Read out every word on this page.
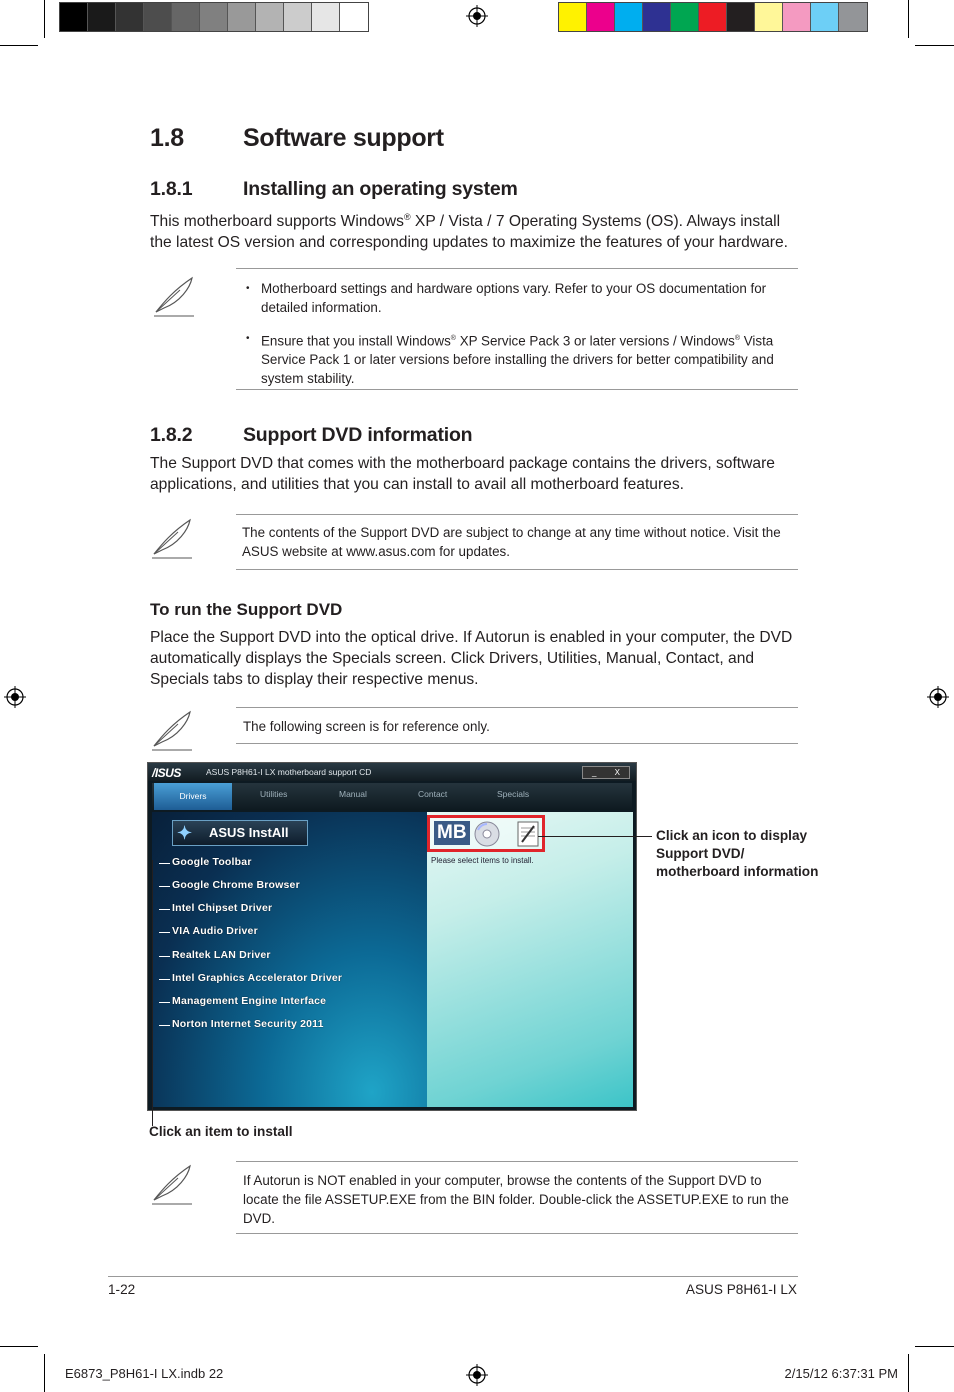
1.8 Software support
1.8.1	Installing an operating system

This motherboard supports Windows® XP / Vista / 7 Operating Systems (OS). Always install the latest OS version and corresponding updates to maximize the features of your hardware.

• Motherboard settings and hardware options vary. Refer to your OS documentation for detailed information.
• Ensure that you install Windows® XP Service Pack 3 or later versions / Windows® Vista Service Pack 1 or later versions before installing the drivers for better compatibility and system stability.
1.8.2	Support DVD information

The Support DVD that comes with the motherboard package contains the drivers, software applications, and utilities that you can install to avail all motherboard features.

The contents of the Support DVD are subject to change at any time without notice. Visit the ASUS website at www.asus.com for updates.
To run the Support DVD

Place the Support DVD into the optical drive. If Autorun is enabled in your computer, the DVD automatically displays the Specials screen. Click Drivers, Utilities, Manual, Contact, and Specials tabs to display their respective menus.

The following screen is for reference only.
/ISUS	ASUS P8H61-I LX motherboard support CD	_ X
Drivers	Utilities	Manual	Contact	Specials
✦ ASUS InstAll
Google Toolbar
Google Chrome Browser
Intel Chipset Driver
VIA Audio Driver
Realtek LAN Driver
Intel Graphics Accelerator Driver
Management Engine Interface
Norton Internet Security 2011
MB
Please select items to install.
Click an icon to display Support DVD/ motherboard information
Click an item to install
If Autorun is NOT enabled in your computer, browse the contents of the Support DVD to locate the file ASSETUP.EXE from the BIN folder. Double-click the ASSETUP.EXE to run the DVD.
1-22	ASUS P8H61-I LX
E6873_P8H61-I LX.indb 22	2/15/12 6:37:31 PM
